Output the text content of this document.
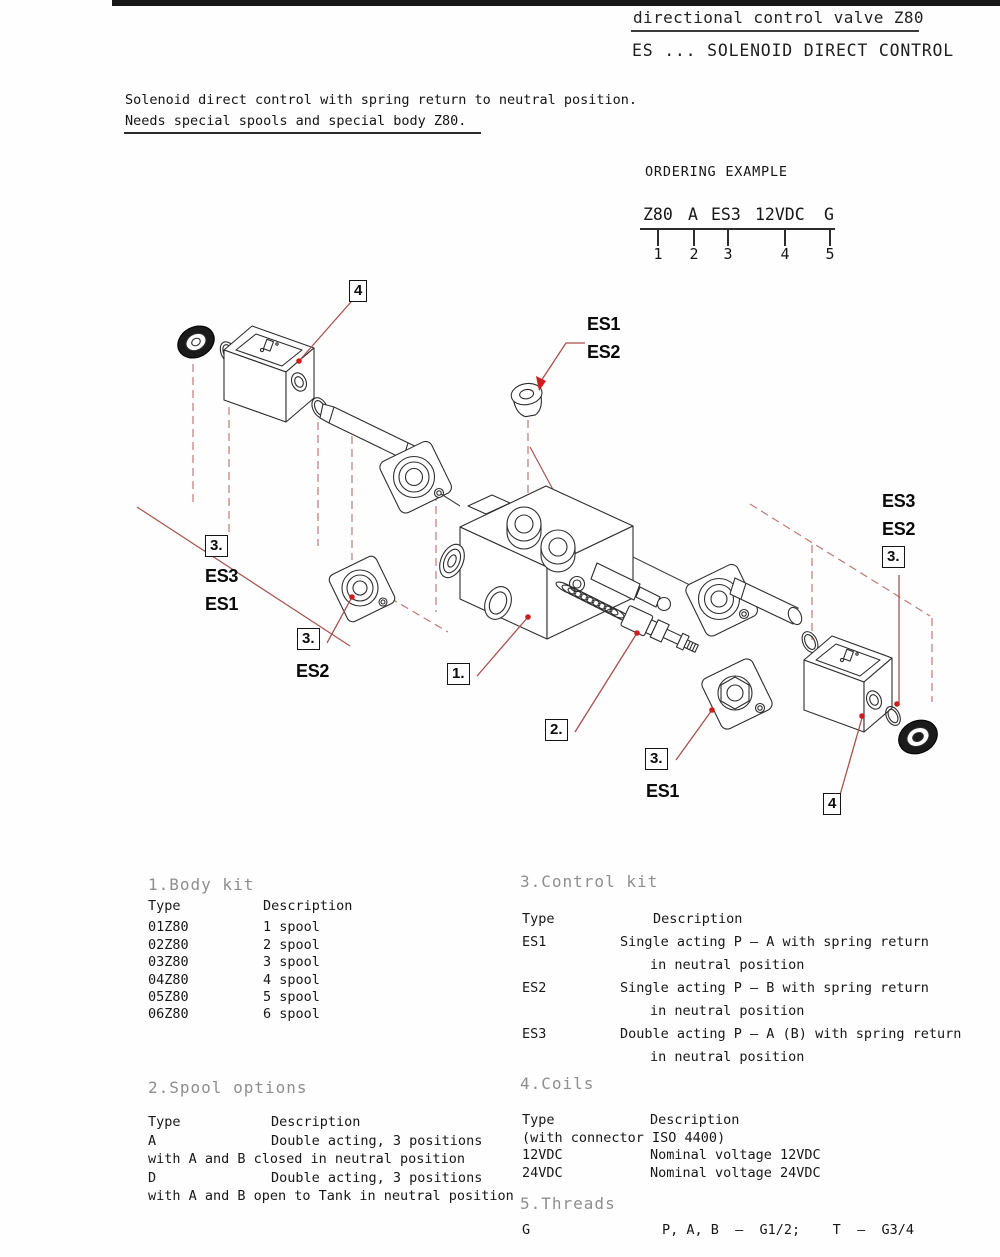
directional control valve Z80
ES ... SOLENOID DIRECT CONTROL
Solenoid direct control with spring return to neutral position.
Needs special spools and special body Z80.
ORDERING EXAMPLE
Z80 A ES3 12VDC G
1 2 3	4 5
4
ES1
ES2
3.
ES3
ES1
3.
ES2	1.
2.
3.
ES1
ES3
ES2
3.
4
1.Body kit
Type	Description
01Z80	1 spool
02Z80	2 spool
03Z80	3 spool
04Z80	4 spool
05Z80	5 spool
06Z80	6 spool
3.Control kit
Type	Description
ES1	Single acting P – A with spring return
in neutral position
ES2	Single acting P – B with spring return
in neutral position
ES3	Double acting P – A (B) with spring return
in neutral position
2.Spool options
Type	Description
A	Double acting, 3 positions
with A and B closed in neutral position
D	Double acting, 3 positions
with A and B open to Tank in neutral position
4.Coils
Type	Description
(with connector ISO 4400)
12VDC	Nominal voltage 12VDC
24VDC	Nominal voltage 24VDC
5.Threads
G	P, A, B  –  G1/2;    T  –  G3/4
